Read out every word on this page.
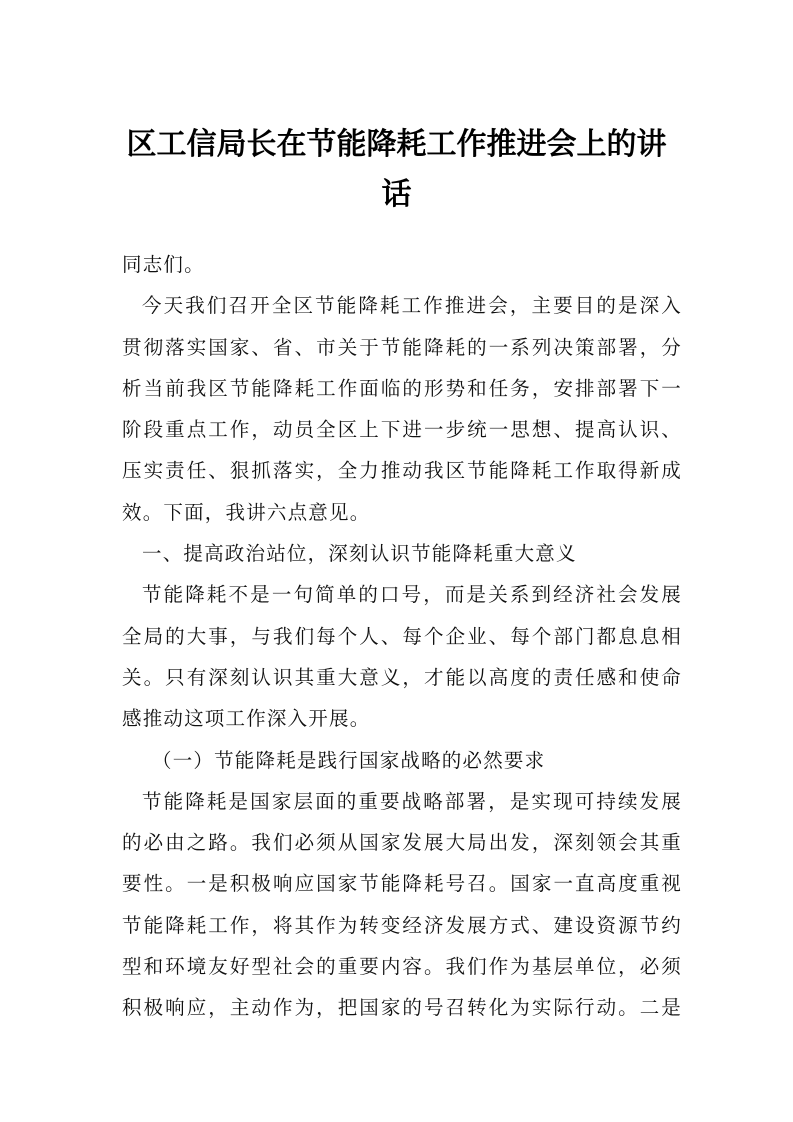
区工信局长在节能降耗工作推进会上的讲
话
同志们。
今天我们召开全区节能降耗工作推进会，主要目的是深入
贯彻落实国家、省、市关于节能降耗的一系列决策部署，分
析当前我区节能降耗工作面临的形势和任务，安排部署下一
阶段重点工作，动员全区上下进一步统一思想、提高认识、
压实责任、狠抓落实，全力推动我区节能降耗工作取得新成
效。下面，我讲六点意见。
一、提高政治站位，深刻认识节能降耗重大意义
节能降耗不是一句简单的口号，而是关系到经济社会发展
全局的大事，与我们每个人、每个企业、每个部门都息息相
关。只有深刻认识其重大意义，才能以高度的责任感和使命
感推动这项工作深入开展。
（一）节能降耗是践行国家战略的必然要求
节能降耗是国家层面的重要战略部署，是实现可持续发展
的必由之路。我们必须从国家发展大局出发，深刻领会其重
要性。一是积极响应国家节能降耗号召。国家一直高度重视
节能降耗工作，将其作为转变经济发展方式、建设资源节约
型和环境友好型社会的重要内容。我们作为基层单位，必须
积极响应，主动作为，把国家的号召转化为实际行动。二是
